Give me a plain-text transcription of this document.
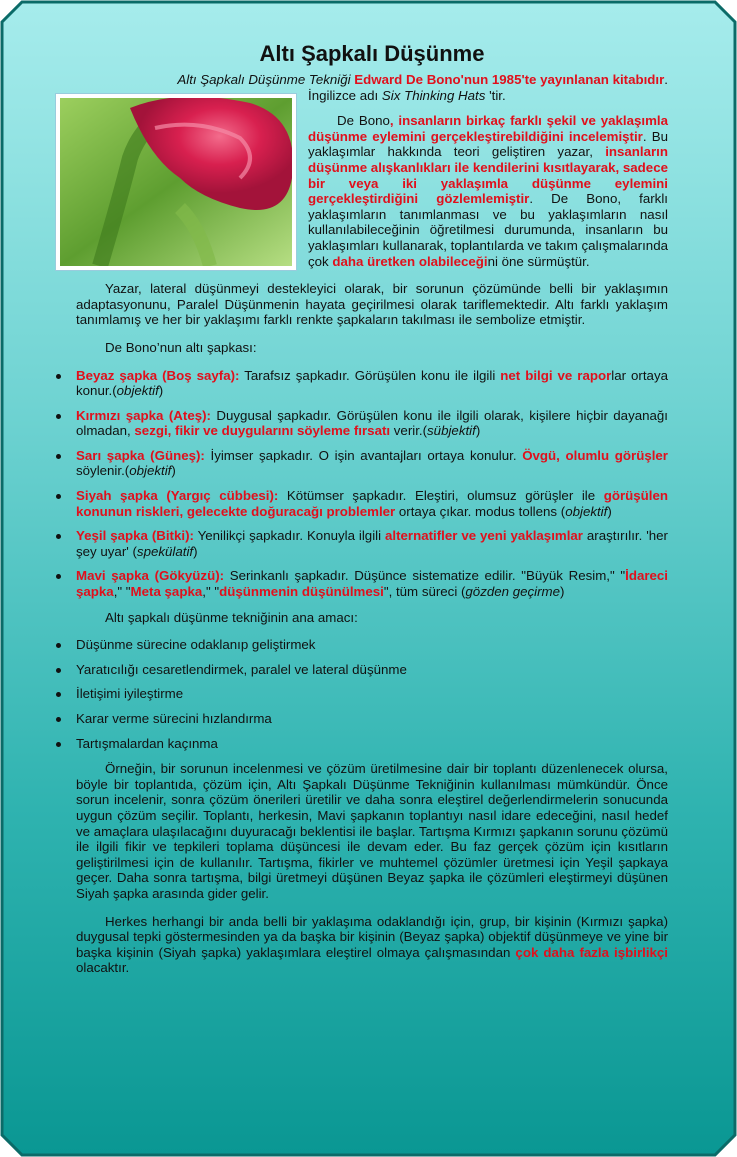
Altı Şapkalı Düşünme
Altı Şapkalı Düşünme Tekniği Edward De Bono'nun 1985'te yayınlanan kitabıdır.

İngilizce adı Six Thinking Hats 'tir.

De Bono, insanların birkaç farklı şekil ve yaklaşımla düşünme eylemini gerçekleştirebildiğini incelemiştir. Bu yaklaşımlar hakkında teori geliştiren yazar, insanların düşünme alışkanlıkları ile kendilerini kısıtlayarak, sadece bir veya iki yaklaşımla düşünme eylemini gerçekleştirdiğini gözlemlemiştir. De Bono, farklı yaklaşımların tanımlanması ve bu yaklaşımların nasıl kullanılabileceğinin öğretilmesi durumunda, insanların bu yaklaşımları kullanarak, toplantılarda ve takım çalışmalarında çok daha üretken olabileceğini öne sürmüştür.

Yazar, lateral düşünmeyi destekleyici olarak, bir sorunun çözümünde belli bir yaklaşımın adaptasyonunu, Paralel Düşünmenin hayata geçirilmesi olarak tariflemektedir. Altı farklı yaklaşım tanımlamış ve her bir yaklaşımı farklı renkte şapkaların takılması ile sembolize etmiştir.

De Bono’nun altı şapkası:

Beyaz şapka (Boş sayfa): Tarafsız şapkadır. Görüşülen konu ile ilgili net bilgi ve raporlar ortaya konur.(objektif)
Kırmızı şapka (Ateş): Duygusal şapkadır. Görüşülen konu ile ilgili olarak, kişilere hiçbir dayanağı olmadan, sezgi, fikir ve duygularını söyleme fırsatı verir.(sübjektif)
Sarı şapka (Güneş): İyimser şapkadır. O işin avantajları ortaya konulur. Övgü, olumlu görüşler söylenir.(objektif)
Siyah şapka (Yargıç cübbesi): Kötümser şapkadır. Eleştiri, olumsuz görüşler ile görüşülen konunun riskleri, gelecekte doğuracağı problemler ortaya çıkar. modus tollens (objektif)
Yeşil şapka (Bitki): Yenilikçi şapkadır. Konuyla ilgili alternatifler ve yeni yaklaşımlar araştırılır. 'her şey uyar' (spekülatif)
Mavi şapka (Gökyüzü): Serinkanlı şapkadır. Düşünce sistematize edilir. "Büyük Resim," "İdareci şapka," "Meta şapka," "düşünmenin düşünülmesi", tüm süreci (gözden geçirme)

Altı şapkalı düşünme tekniğinin ana amacı:

Düşünme sürecine odaklanıp geliştirmek
Yaratıcılığı cesaretlendirmek, paralel ve lateral düşünme
İletişimi iyileştirme
Karar verme sürecini hızlandırma
Tartışmalardan kaçınma

Örneğin, bir sorunun incelenmesi ve çözüm üretilmesine dair bir toplantı düzenlenecek olursa, böyle bir toplantıda, çözüm için, Altı Şapkalı Düşünme Tekniğinin kullanılması mümkündür. Önce sorun incelenir, sonra çözüm önerileri üretilir ve daha sonra eleştirel değerlendirmelerin sonucunda uygun çözüm seçilir. Toplantı, herkesin, Mavi şapkanın toplantıyı nasıl idare edeceğini, nasıl hedef ve amaçlara ulaşılacağını duyuracağı beklentisi ile başlar. Tartışma Kırmızı şapkanın sorunu çözümü ile ilgili fikir ve tepkileri toplama düşüncesi ile devam eder. Bu faz gerçek çözüm için kısıtların geliştirilmesi için de kullanılır. Tartışma, fikirler ve muhtemel çözümler üretmesi için Yeşil şapkaya geçer. Daha sonra tartışma, bilgi üretmeyi düşünen Beyaz şapka ile çözümleri eleştirmeyi düşünen Siyah şapka arasında gider gelir.

Herkes herhangi bir anda belli bir yaklaşıma odaklandığı için, grup, bir kişinin (Kırmızı şapka) duygusal tepki göstermesinden ya da başka bir kişinin (Beyaz şapka) objektif düşünmeye ve yine bir başka kişinin (Siyah şapka) yaklaşımlara eleştirel olmaya çalışmasından çok daha fazla işbirlikçi olacaktır.
